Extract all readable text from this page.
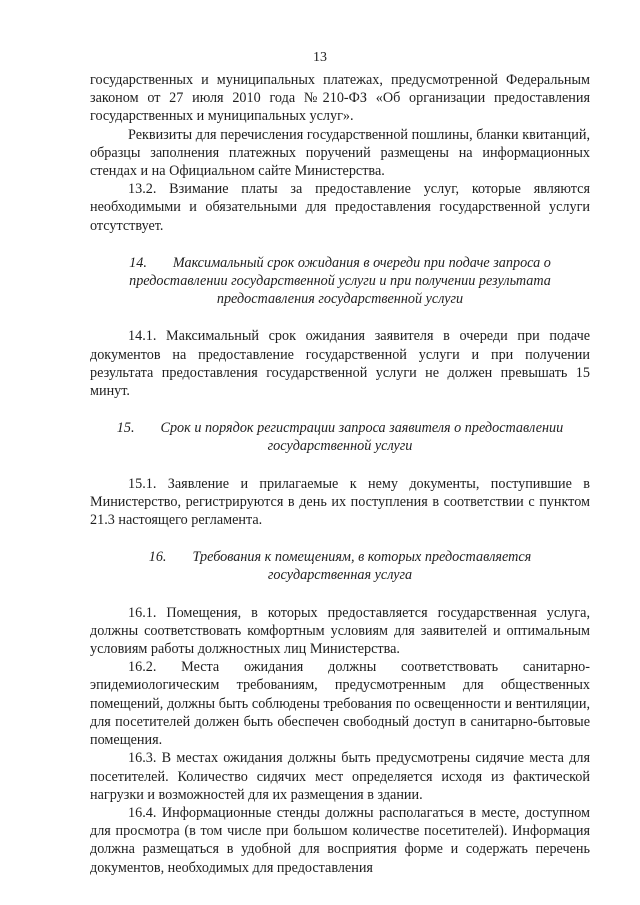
13

государственных и муниципальных платежах, предусмотренной Федеральным законом от 27 июля 2010 года №210-ФЗ «Об организации предоставления государственных и муниципальных услуг».

Реквизиты для перечисления государственной пошлины, бланки квитанций, образцы заполнения платежных поручений размещены на информационных стендах и на Официальном сайте Министерства.

13.2. Взимание платы за предоставление услуг, которые являются необходимыми и обязательными для предоставления государственной услуги отсутствует.

14. Максимальный срок ожидания в очереди при подаче запроса о
предоставлении государственной услуги и при получении результата
предоставления государственной услуги

14.1. Максимальный срок ожидания заявителя в очереди при подаче документов на предоставление государственной услуги и при получении результата предоставления государственной услуги не должен превышать 15 минут.

15. Срок и порядок регистрации запроса заявителя о предоставлении
государственной услуги

15.1. Заявление и прилагаемые к нему документы, поступившие в Министерство, регистрируются в день их поступления в соответствии с пунктом 21.3 настоящего регламента.

16. Требования к помещениям, в которых предоставляется
государственная услуга

16.1. Помещения, в которых предоставляется государственная услуга, должны соответствовать комфортным условиям для заявителей и оптимальным условиям работы должностных лиц Министерства.

16.2. Места ожидания должны соответствовать санитарно-эпидемиологическим требованиям, предусмотренным для общественных помещений, должны быть соблюдены требования по освещенности и вентиляции, для посетителей должен быть обеспечен свободный доступ в санитарно-бытовые помещения.

16.3. В местах ожидания должны быть предусмотрены сидячие места для посетителей. Количество сидячих мест определяется исходя из фактической нагрузки и возможностей для их размещения в здании.

16.4. Информационные стенды должны располагаться в месте, доступном для просмотра (в том числе при большом количестве посетителей). Информация должна размещаться в удобной для восприятия форме и содержать перечень документов, необходимых для предоставления
